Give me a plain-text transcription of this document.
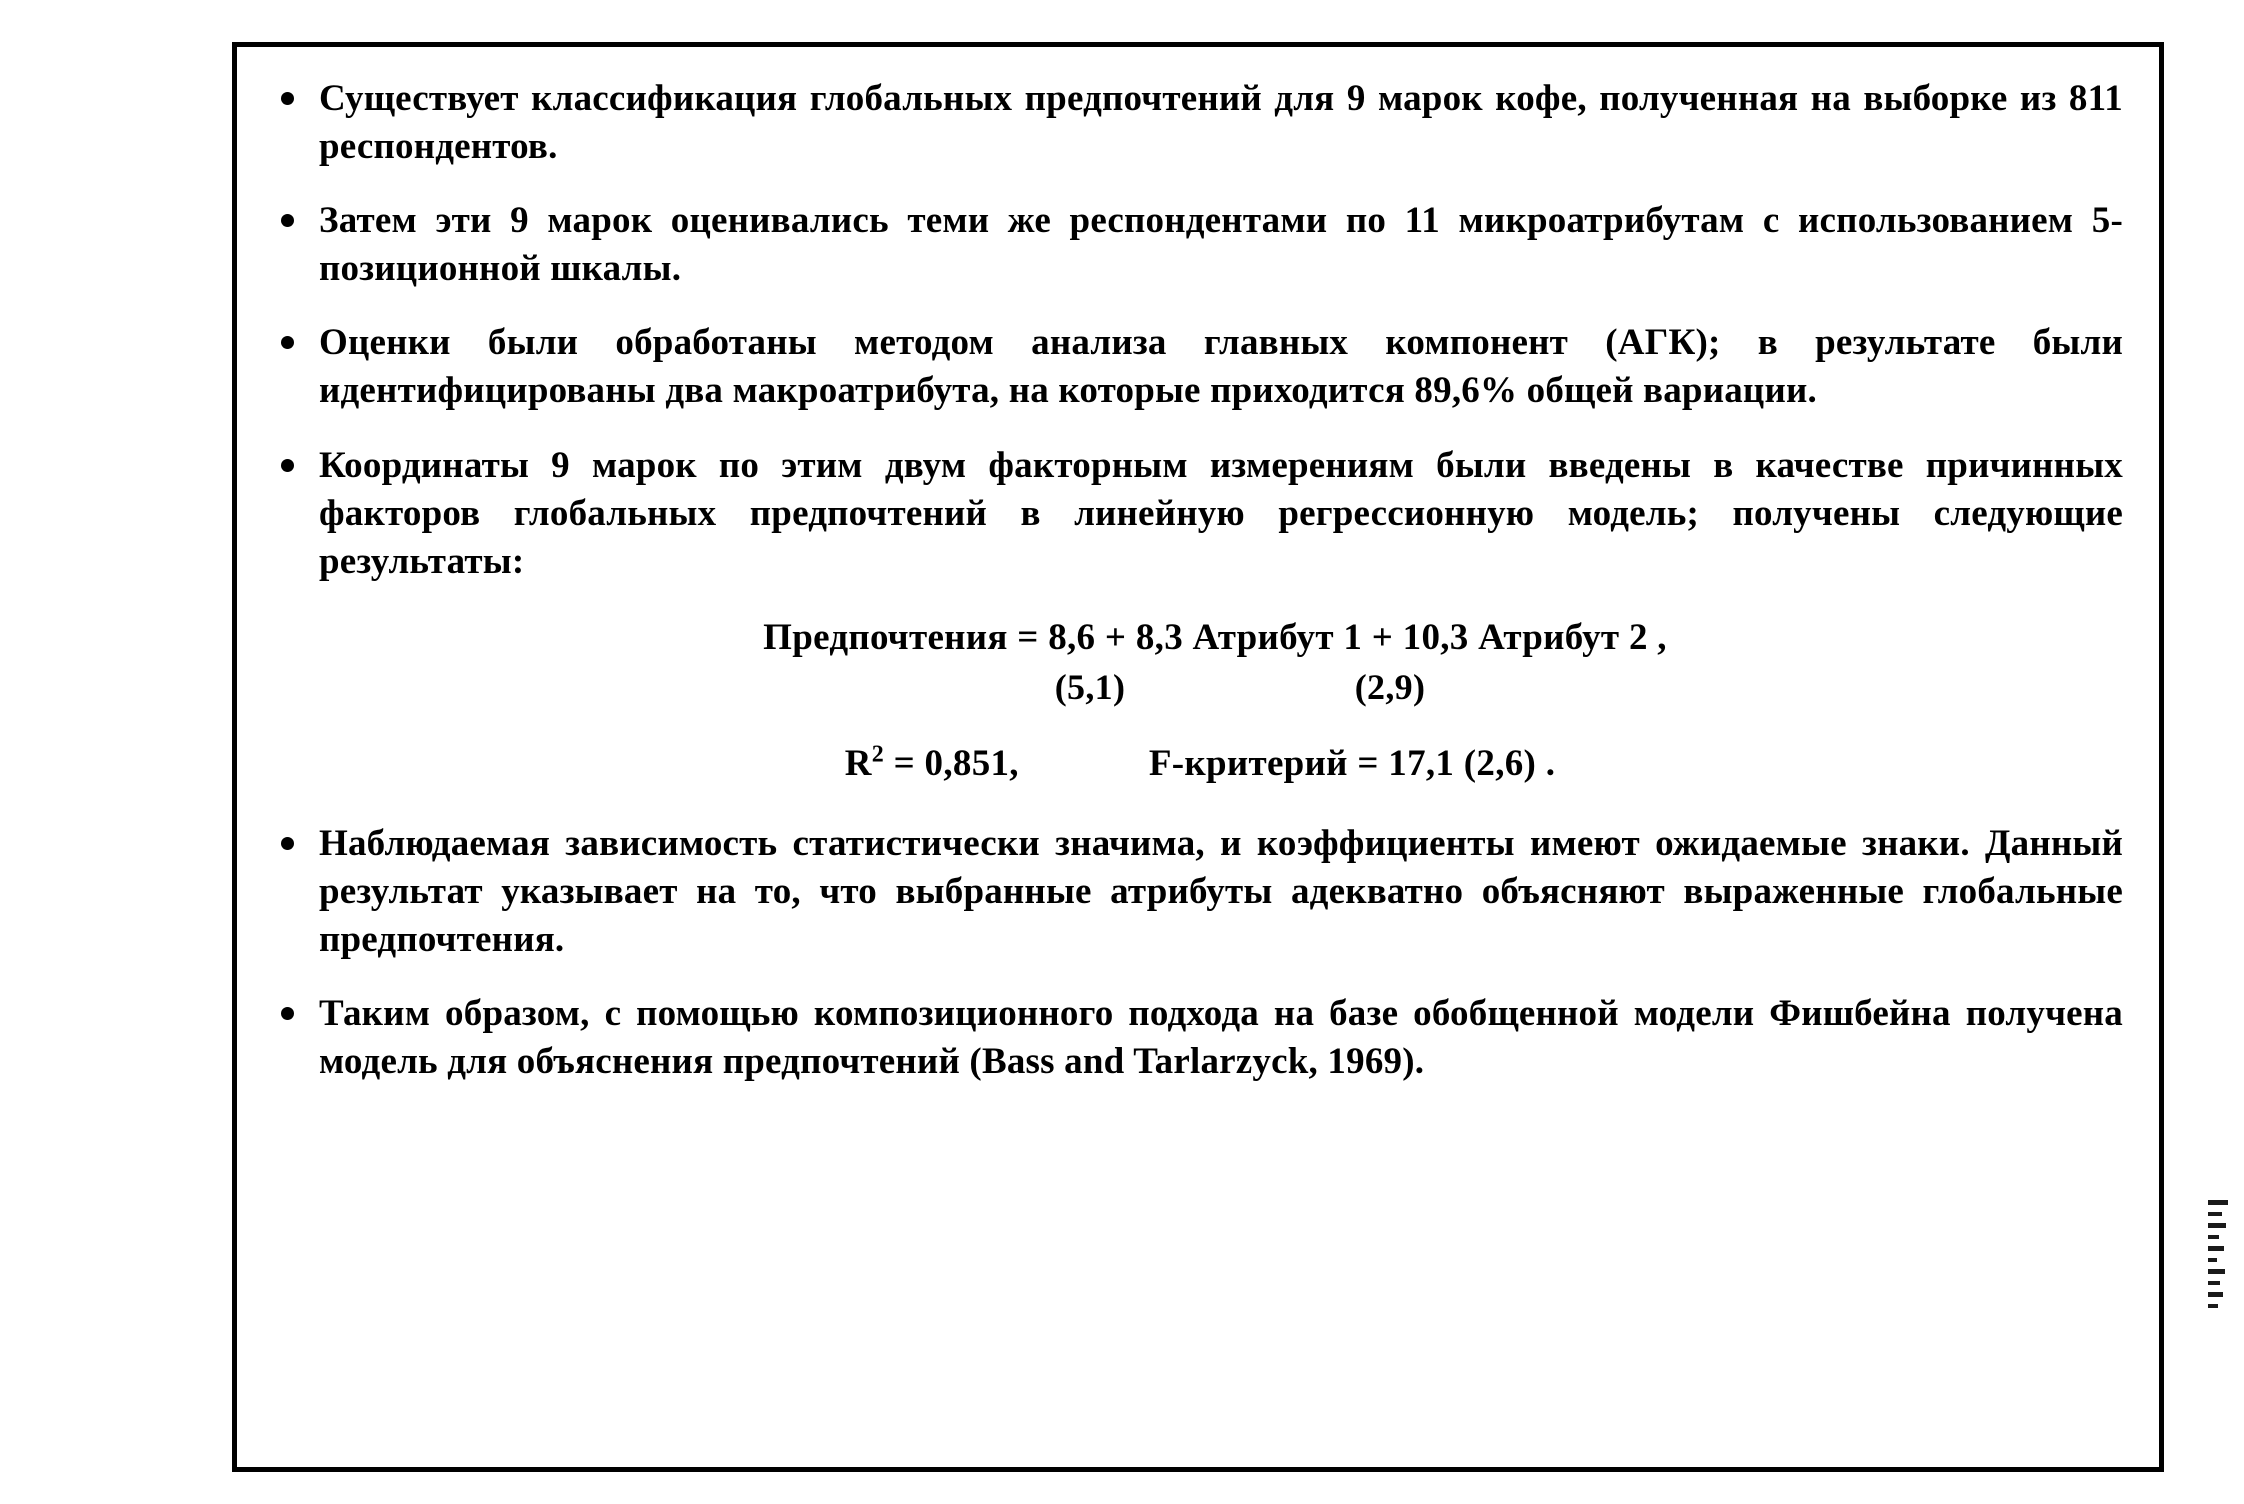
Существует классификация глобальных предпочтений для 9 марок кофе, полученная на выборке из 811 респондентов.
Затем эти 9 марок оценивались теми же респондентами по 11 микроатрибутам с использованием 5-позиционной шкалы.
Оценки были обработаны методом анализа главных компонент (АГК); в результате были идентифицированы два макроатрибута, на которые приходится 89,6% общей вариации.
Координаты 9 марок по этим двум факторным измерениям были введены в качестве причинных факторов глобальных предпочтений в линейную регрессионную модель; получены следующие результаты:
Предпочтения = 8,6 + 8,3 Атрибут 1 + 10,3 Атрибут 2 ,
(5,1)	(2,9)
$R^2 = 0,851$,	F-критерий = 17,1 (2,6) .
Наблюдаемая зависимость статистически значима, и коэффициенты имеют ожидаемые знаки. Данный результат указывает на то, что выбранные атрибуты адекватно объясняют выраженные глобальные предпочтения.
Таким образом, с помощью композиционного подхода на базе обобщенной модели Фишбейна получена модель для объяснения предпочтений (Bass and Tarlarzyck, 1969).
